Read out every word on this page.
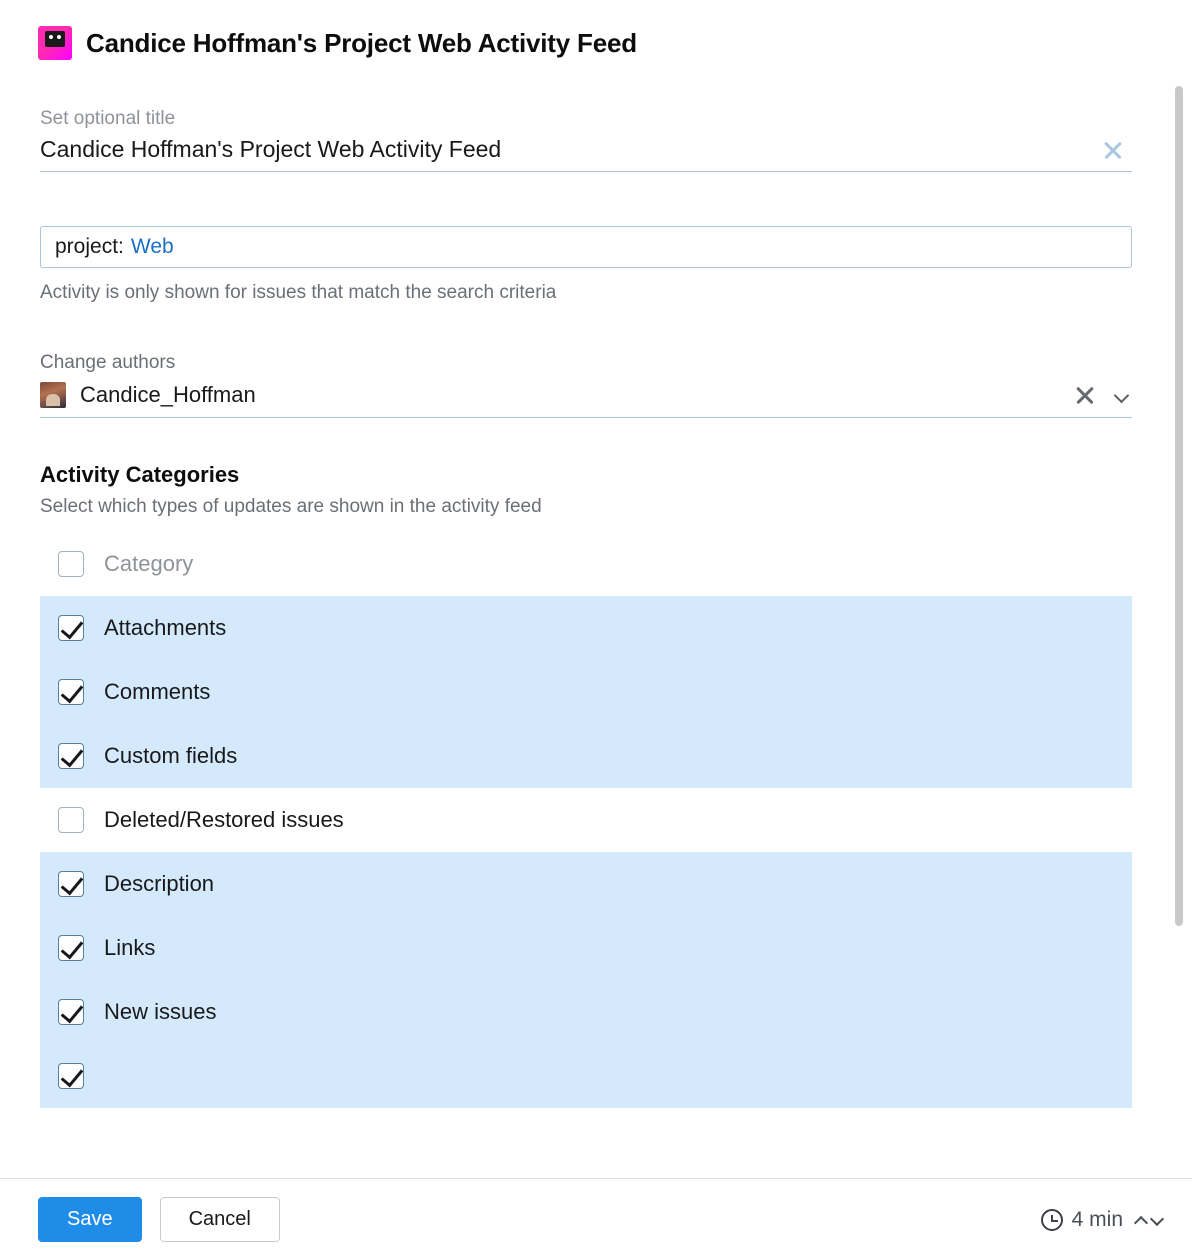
Candice Hoffman's Project Web Activity Feed
Set optional title
Candice Hoffman's Project Web Activity Feed
project: Web
Activity is only shown for issues that match the search criteria
Change authors
Candice_Hoffman
Activity Categories
Select which types of updates are shown in the activity feed
Category
Attachments
Comments
Custom fields
Deleted/Restored issues
Description
Links
New issues
Save	Cancel	4 min
